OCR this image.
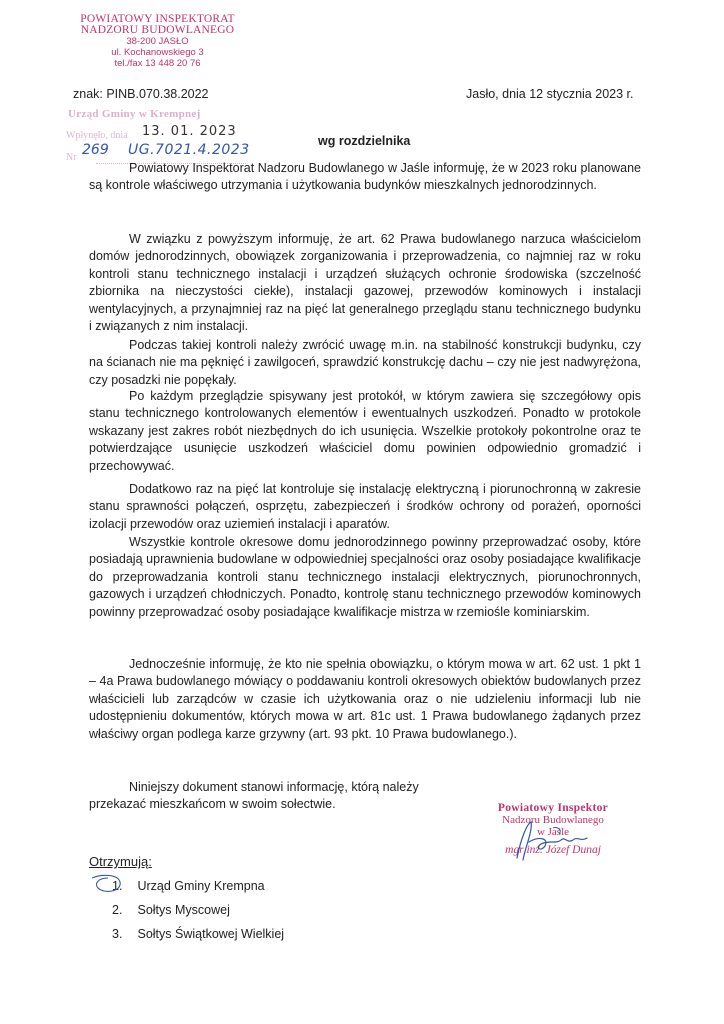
POWIATOWY INSPEKTORAT
NADZORU BUDOWLANEGO
38-200 JASŁO
ul. Kochanowskiego 3
tel./fax 13 448 20 76
znak: PINB.070.38.2022	Jasło, dnia 12 stycznia 2023 r.
Urząd Gminy w Krempnej
Wpłynęło, dnia
Nr
13. 01. 2023
269 UG.7021.4.2023
wg rozdzielnika

Powiatowy Inspektorat Nadzoru Budowlanego w Jaśle informuję, że w 2023 roku planowane są kontrole właściwego utrzymania i użytkowania budynków mieszkalnych jednorodzinnych.

W związku z powyższym informuję, że art. 62 Prawa budowlanego narzuca właścicielom domów jednorodzinnych, obowiązek zorganizowania i przeprowadzenia, co najmniej raz w roku kontroli stanu technicznego instalacji i urządzeń służących ochronie środowiska (szczelność zbiornika na nieczystości ciekłe), instalacji gazowej, przewodów kominowych i instalacji wentylacyjnych, a przynajmniej raz na pięć lat generalnego przeglądu stanu technicznego budynku i związanych z nim instalacji.

Podczas takiej kontroli należy zwrócić uwagę m.in. na stabilność konstrukcji budynku, czy na ścianach nie ma pęknięć i zawilgoceń, sprawdzić konstrukcję dachu – czy nie jest nadwyrężona, czy posadzki nie popękały.

Po każdym przeglądzie spisywany jest protokół, w którym zawiera się szczegółowy opis stanu technicznego kontrolowanych elementów i ewentualnych uszkodzeń. Ponadto w protokole wskazany jest zakres robót niezbędnych do ich usunięcia. Wszelkie protokoły pokontrolne oraz te potwierdzające usunięcie uszkodzeń właściciel domu powinien odpowiednio gromadzić i przechowywać.

Dodatkowo raz na pięć lat kontroluje się instalację elektryczną i piorunochronną w zakresie stanu sprawności połączeń, osprzętu, zabezpieczeń i środków ochrony od porażeń, oporności izolacji przewodów oraz uziemień instalacji i aparatów.

Wszystkie kontrole okresowe domu jednorodzinnego powinny przeprowadzać osoby, które posiadają uprawnienia budowlane w odpowiedniej specjalności oraz osoby posiadające kwalifikacje do przeprowadzania kontroli stanu technicznego instalacji elektrycznych, piorunochronnych, gazowych i urządzeń chłodniczych. Ponadto, kontrolę stanu technicznego przewodów kominowych powinny przeprowadzać osoby posiadające kwalifikacje mistrza w rzemiośle kominiarskim.

Jednocześnie informuję, że kto nie spełnia obowiązku, o którym mowa w art. 62 ust. 1 pkt 1 – 4a Prawa budowlanego mówiący o poddawaniu kontroli okresowych obiektów budowlanych przez właścicieli lub zarządców w czasie ich użytkowania oraz o nie udzieleniu informacji lub nie udostępnieniu dokumentów, których mowa w art. 81c ust. 1 Prawa budowlanego żądanych przez właściwy organ podlega karze grzywny (art. 93 pkt. 10 Prawa budowlanego.).

Niniejszy dokument stanowi informację, którą należy przekazać mieszkańcom w swoim sołectwie.	Powiatowy Inspektor
Nadzoru Budowlanego
w Jaśle
mgr inż. Józef Dunaj
Otrzymują:
1. Urząd Gminy Krempna
2. Sołtys Myscowej
3. Sołtys Świątkowej Wielkiej
